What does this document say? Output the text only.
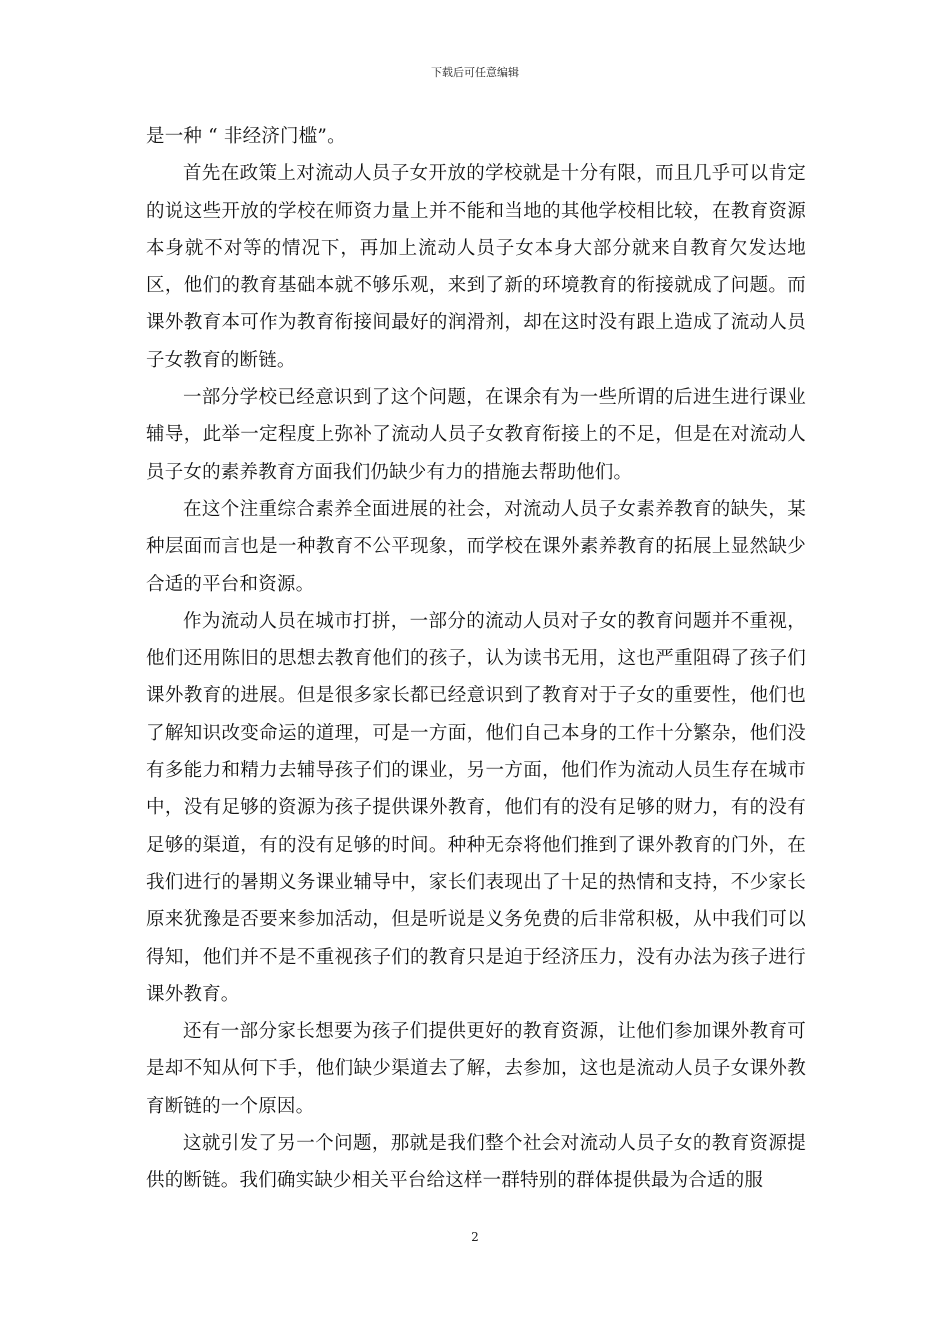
下载后可任意编辑

是一种 “ 非经济门槛”。

首先在政策上对流动人员子女开放的学校就是十分有限，而且几乎可以肯定的说这些开放的学校在师资力量上并不能和当地的其他学校相比较，在教育资源本身就不对等的情况下，再加上流动人员子女本身大部分就来自教育欠发达地区，他们的教育基础本就不够乐观，来到了新的环境教育的衔接就成了问题。而课外教育本可作为教育衔接间最好的润滑剂，却在这时没有跟上造成了流动人员子女教育的断链。

一部分学校已经意识到了这个问题，在课余有为一些所谓的后进生进行课业辅导，此举一定程度上弥补了流动人员子女教育衔接上的不足，但是在对流动人员子女的素养教育方面我们仍缺少有力的措施去帮助他们。

在这个注重综合素养全面进展的社会，对流动人员子女素养教育的缺失，某种层面而言也是一种教育不公平现象，而学校在课外素养教育的拓展上显然缺少合适的平台和资源。

作为流动人员在城市打拼，一部分的流动人员对子女的教育问题并不重视，他们还用陈旧的思想去教育他们的孩子，认为读书无用，这也严重阻碍了孩子们课外教育的进展。但是很多家长都已经意识到了教育对于子女的重要性，他们也了解知识改变命运的道理，可是一方面，他们自己本身的工作十分繁杂，他们没有多能力和精力去辅导孩子们的课业，另一方面，他们作为流动人员生存在城市中，没有足够的资源为孩子提供课外教育，他们有的没有足够的财力，有的没有足够的渠道，有的没有足够的时间。种种无奈将他们推到了课外教育的门外，在我们进行的暑期义务课业辅导中，家长们表现出了十足的热情和支持，不少家长原来犹豫是否要来参加活动，但是听说是义务免费的后非常积极，从中我们可以得知，他们并不是不重视孩子们的教育只是迫于经济压力，没有办法为孩子进行课外教育。

还有一部分家长想要为孩子们提供更好的教育资源，让他们参加课外教育可是却不知从何下手，他们缺少渠道去了解，去参加，这也是流动人员子女课外教育断链的一个原因。

这就引发了另一个问题，那就是我们整个社会对流动人员子女的教育资源提供的断链。我们确实缺少相关平台给这样一群特别的群体提供最为合适的服

2
